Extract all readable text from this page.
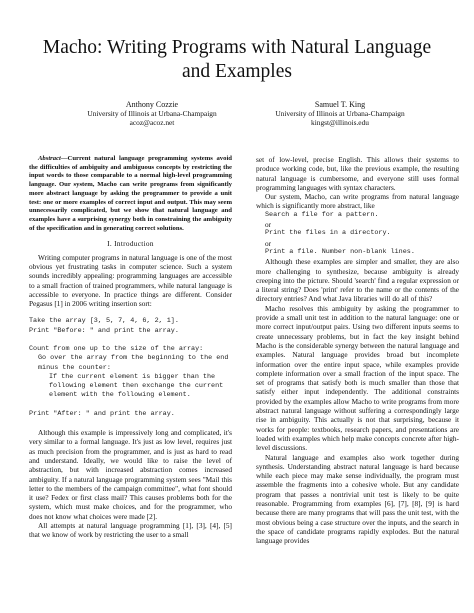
Macho: Writing Programs with Natural Language
and Examples
Anthony Cozzie
University of Illinois at Urbana-Champaign
acoz@acoz.net
Samuel T. King
University of Illinois at Urbana-Champaign
kingst@illinois.edu

Abstract—Current natural language programming systems avoid the difficulties of ambiguity and ambiguous concepts by restricting the input words to those comparable to a normal high-level programming language. Our system, Macho can write programs from significantly more abstract language by asking the programmer to provide a unit test: one or more examples of correct input and output. This may seem unnecessarily complicated, but we show that natural language and examples have a surprising synergy both in constraining the ambiguity of the specification and in generating correct solutions.

I. Introduction

Writing computer programs in natural language is one of the most obvious yet frustrating tasks in computer science. Such a system sounds incredibly appealing: programming languages are accessible to a small fraction of trained programmers, while natural language is accessible to everyone. In practice things are different. Consider Pegasus [1] in 2006 writing insertion sort:

Take the array [3, 5, 7, 4, 6, 2, 1].
Print "Before: " and print the array.
Count from one up to the size of the array:
Go over the array from the beginning to the end minus the counter:
If the current element is bigger than the following element then exchange the current element with the following element.
Print "After: " and print the array.

Although this example is impressively long and complicated, it's very similar to a formal language. It's just as low level, requires just as much precision from the programmer, and is just as hard to read and understand. Ideally, we would like to raise the level of abstraction, but with increased abstraction comes increased ambiguity. If a natural language programming system sees "Mail this letter to the members of the campaign committee", what font should it use? Fedex or first class mail? This causes problems both for the system, which must make choices, and for the programmer, who does not know what choices were made [2].

All attempts at natural language programming [1], [3], [4], [5] that we know of work by restricting the user to a small

set of low-level, precise English. This allows their systems to produce working code, but, like the previous example, the resulting natural language is cumbersome, and everyone still uses formal programming languages with syntax characters.

Our system, Macho, can write programs from natural language which is significantly more abstract, like

Search a file for a pattern.
or
Print the files in a directory.
or
Print a file. Number non-blank lines.

Although these examples are simpler and smaller, they are also more challenging to synthesize, because ambiguity is already creeping into the picture. Should 'search' find a regular expression or a literal string? Does 'print' refer to the name or the contents of the directory entries? And what Java libraries will do all of this?

Macho resolves this ambiguity by asking the programmer to provide a small unit test in addition to the natural language: one or more correct input/output pairs. Using two different inputs seems to create unnecessary problems, but in fact the key insight behind Macho is the considerable synergy between the natural language and examples. Natural language provides broad but incomplete information over the entire input space, while examples provide complete information over a small fraction of the input space. The set of programs that satisfy both is much smaller than those that satisfy either input independently. The additional constraints provided by the examples allow Macho to write programs from more abstract natural language without suffering a correspondingly large rise in ambiguity. This actually is not that surprising, because it works for people: textbooks, research papers, and presentations are loaded with examples which help make concepts concrete after high-level discussions.

Natural language and examples also work together during synthesis. Understanding abstract natural language is hard because while each piece may make sense individually, the program must assemble the fragments into a cohesive whole. But any candidate program that passes a nontrivial unit test is likely to be quite reasonable. Programming from examples [6], [7], [8], [9] is hard because there are many programs that will pass the unit test, with the most obvious being a case structure over the inputs, and the search in the space of candidate programs rapidly explodes. But the natural language provides
